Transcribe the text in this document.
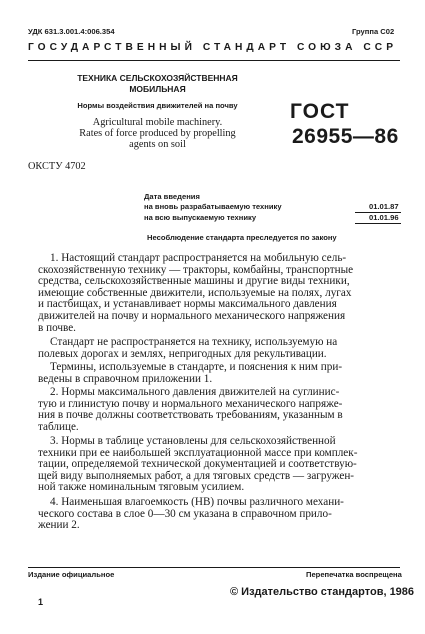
УДК 631.3.001.4:006.354	Группа С02
ГОСУДАРСТВЕННЫЙ СТАНДАРТ СОЮЗА ССР
ТЕХНИКА СЕЛЬСКОХОЗЯЙСТВЕННАЯ
МОБИЛЬНАЯ
Нормы воздействия движителей на почву
Agricultural mobile machinery.
Rates of force produced by propelling
agents on soil
ГОСТ
26955—86
ОКСТУ 4702
Дата введения
на вновь разрабатываемую технику	01.01.87
на всю выпускаемую технику	01.01.96
Несоблюдение стандарта преследуется по закону
1. Настоящий стандарт распространяется на мобильную сель-
скохозяйственную технику — тракторы, комбайны, транспортные
средства, сельскохозяйственные машины и другие виды техники,
имеющие собственные движители, используемые на полях, лугах
и пастбищах, и устанавливает нормы максимального давления
движителей на почву и нормального механического напряжения
в почве.
Стандарт не распространяется на технику, используемую на
полевых дорогах и землях, непригодных для рекультивации.
Термины, используемые в стандарте, и пояснения к ним при-
ведены в справочном приложении 1.
2. Нормы максимального давления движителей на суглинис-
тую и глинистую почву и нормального механического напряже-
ния в почве должны соответствовать требованиям, указанным в
таблице.
3. Нормы в таблице установлены для сельскохозяйственной
техники при ее наибольшей эксплуатационной массе при комплек-
тации, определяемой технической документацией и соответствую-
щей виду выполняемых работ, а для тяговых средств — загружен-
ной также номинальным тяговым усилием.
4. Наименьшая влагоемкость (НВ) почвы различного механи-
ческого состава в слое 0—30 см указана в справочном прило-
жении 2.
Издание официальное	Перепечатка воспрещена
© Издательство стандартов, 1986
1
